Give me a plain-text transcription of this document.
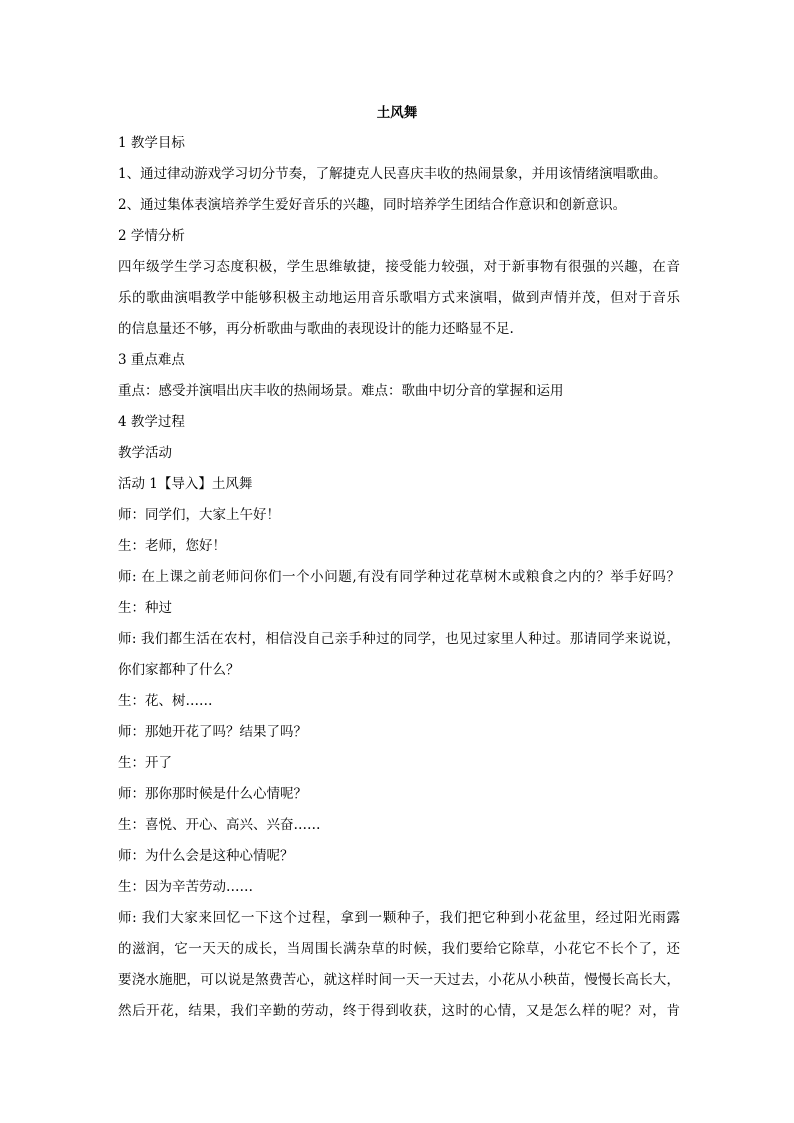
土风舞
1 教学目标
1、通过律动游戏学习切分节奏，了解捷克人民喜庆丰收的热闹景象，并用该情绪演唱歌曲。
2、通过集体表演培养学生爱好音乐的兴趣，同时培养学生团结合作意识和创新意识。
2 学情分析
四年级学生学习态度积极，学生思维敏捷，接受能力较强，对于新事物有很强的兴趣，在音
乐的歌曲演唱教学中能够积极主动地运用音乐歌唱方式来演唱，做到声情并茂，但对于音乐
的信息量还不够，再分析歌曲与歌曲的表现设计的能力还略显不足.
3 重点难点
重点：感受并演唱出庆丰收的热闹场景。难点：歌曲中切分音的掌握和运用
4 教学过程
教学活动
活动 1【导入】土风舞
师：同学们，大家上午好！
生：老师，您好！
师: 在上课之前老师问你们一个小问题,有没有同学种过花草树木或粮食之内的？举手好吗？
生：种过
师: 我们都生活在农村，相信没自己亲手种过的同学，也见过家里人种过。那请同学来说说，
你们家都种了什么？
生：花、树……
师：那她开花了吗？结果了吗？
生：开了
师：那你那时候是什么心情呢？
生：喜悦、开心、高兴、兴奋……
师：为什么会是这种心情呢？
生：因为辛苦劳动……
师: 我们大家来回忆一下这个过程，拿到一颗种子，我们把它种到小花盆里，经过阳光雨露
的滋润，它一天天的成长，当周围长满杂草的时候，我们要给它除草，小花它不长个了，还
要浇水施肥，可以说是煞费苦心，就这样时间一天一天过去，小花从小秧苗，慢慢长高长大，
然后开花，结果，我们辛勤的劳动，终于得到收获，这时的心情，又是怎么样的呢？对，肯
